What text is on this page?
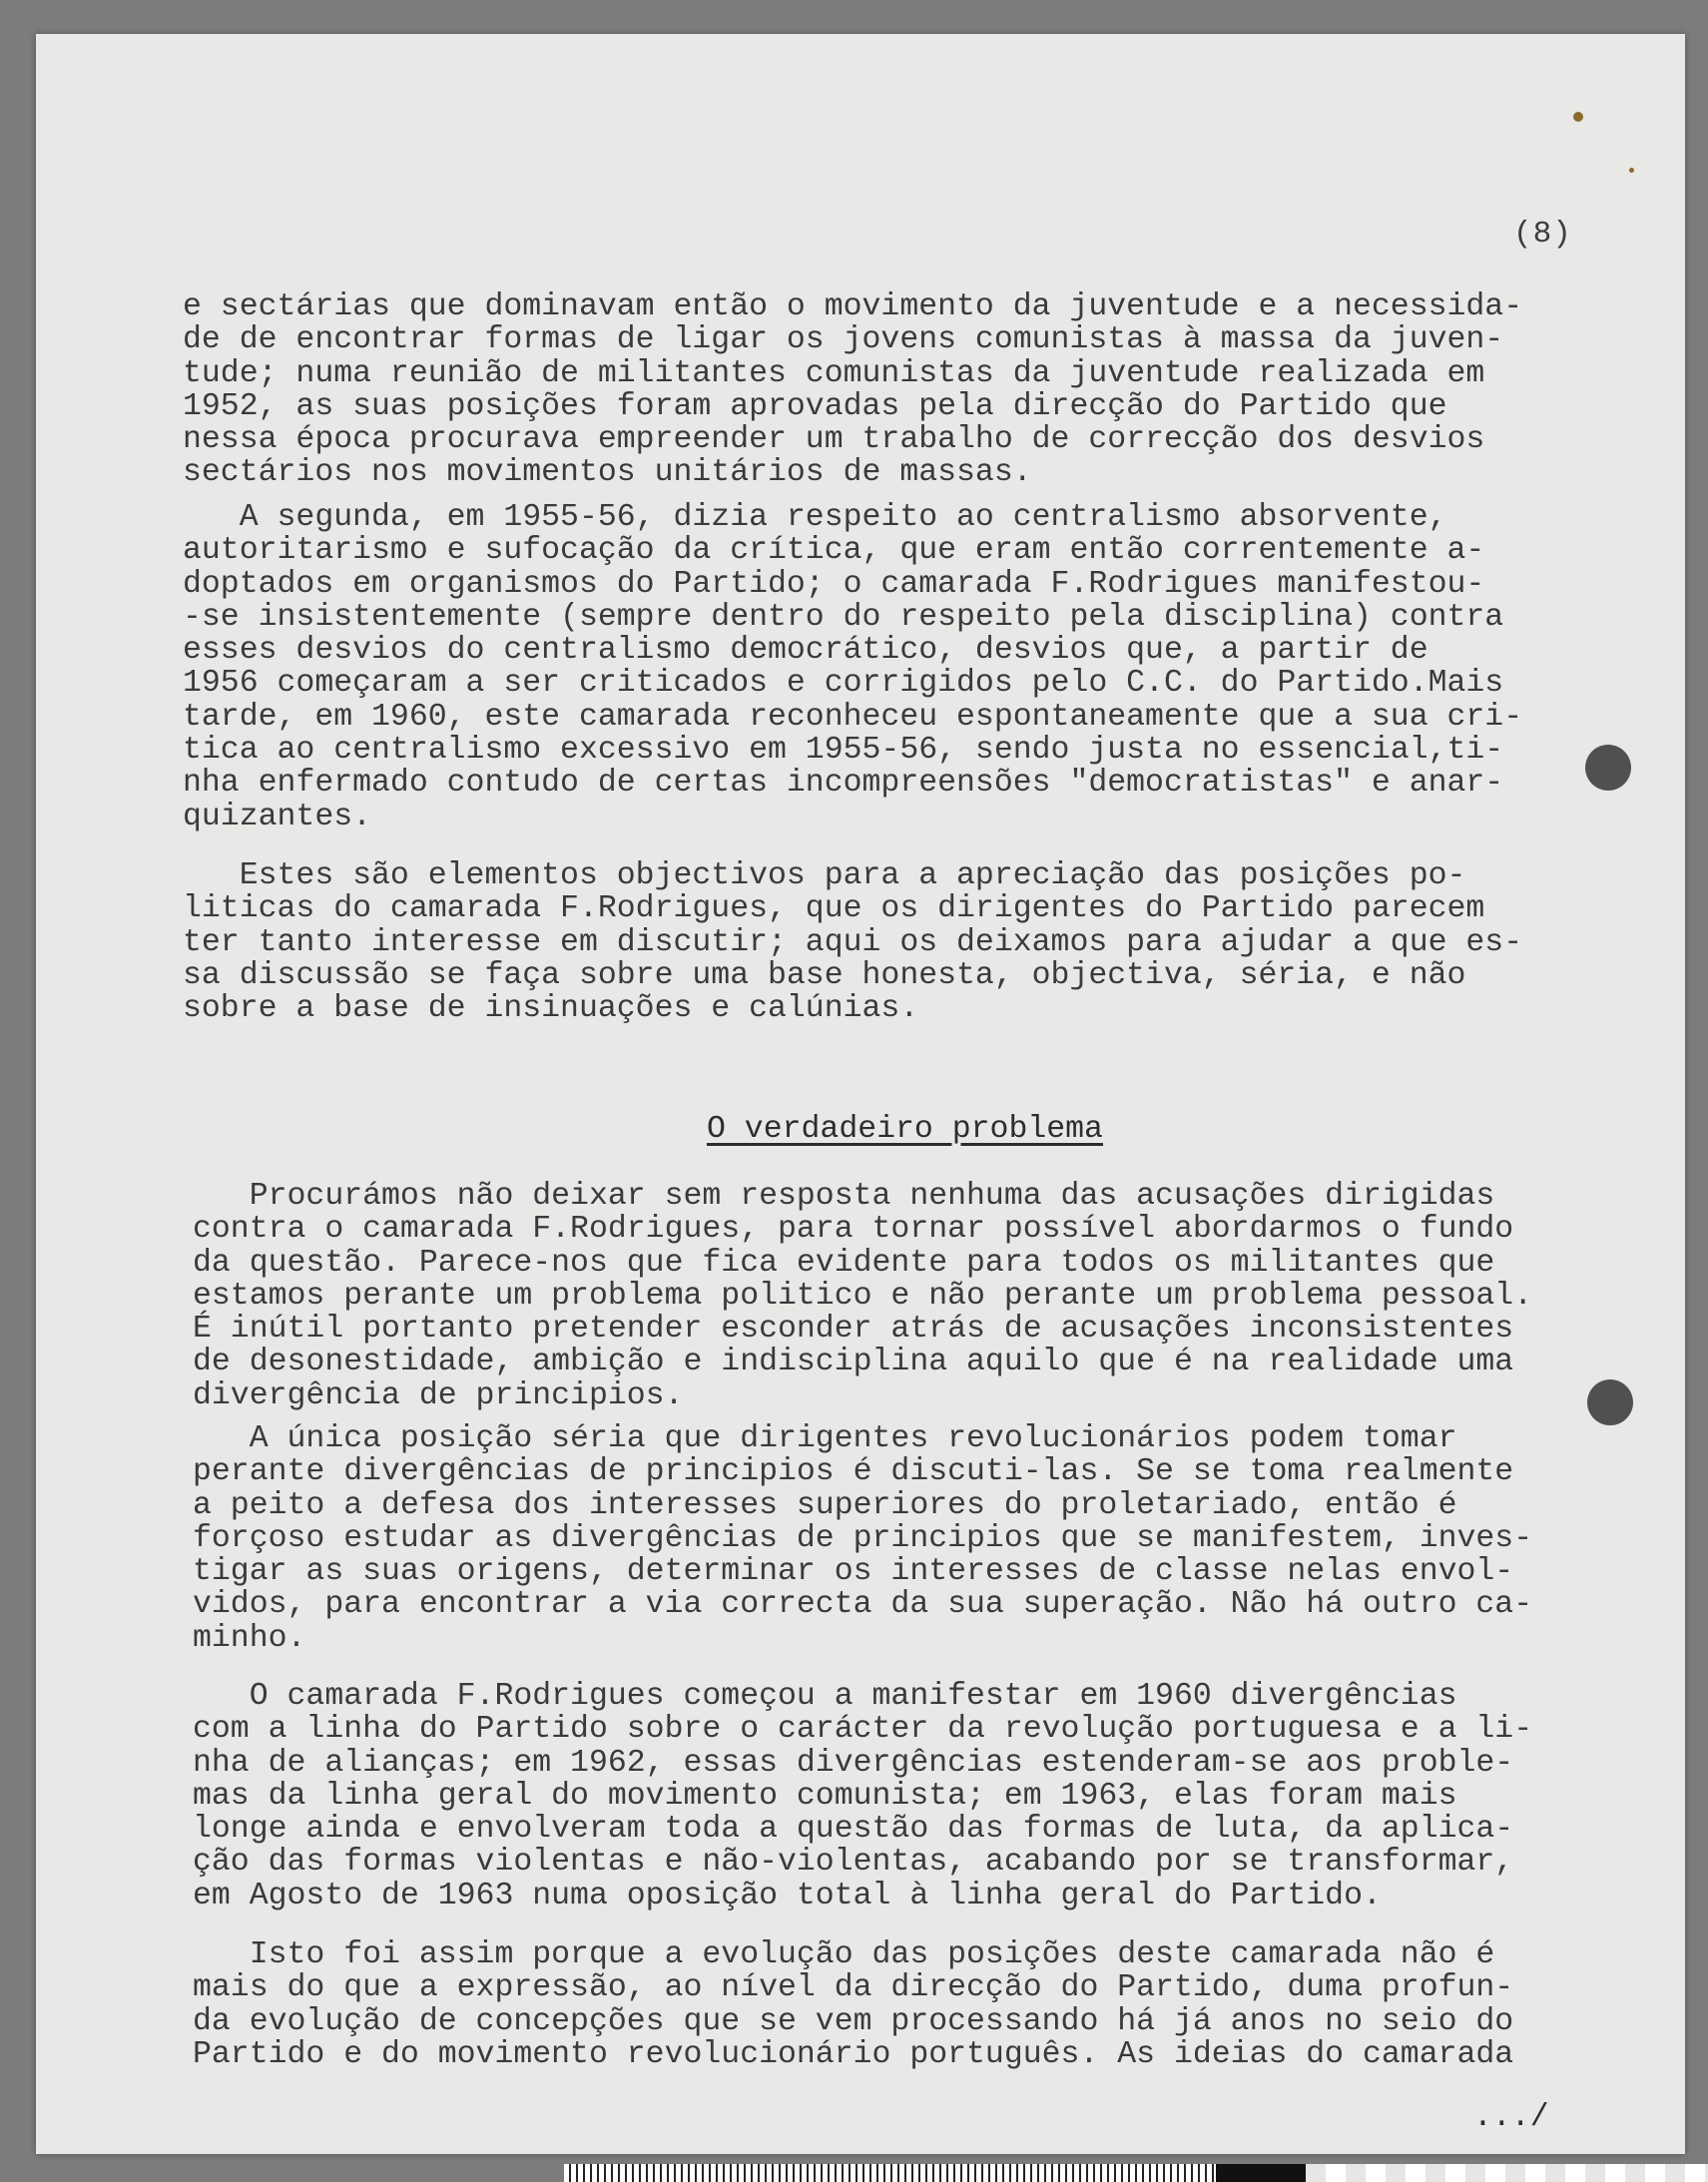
(8)
e sectárias que dominavam então o movimento da juventude e a necessida-
de de encontrar formas de ligar os jovens comunistas à massa da juven-
tude; numa reunião de militantes comunistas da juventude realizada em
1952, as suas posições foram aprovadas pela direcção do Partido que
nessa época procurava empreender um trabalho de correcção dos desvios
sectários nos movimentos unitários de massas.
A segunda, em 1955-56, dizia respeito ao centralismo absorvente,
autoritarismo e sufocação da crítica, que eram então correntemente a-
doptados em organismos do Partido; o camarada F.Rodrigues manifestou-
-se insistentemente (sempre dentro do respeito pela disciplina) contra
esses desvios do centralismo democrático, desvios que, a partir de
1956 começaram a ser criticados e corrigidos pelo C.C. do Partido.Mais
tarde, em 1960, este camarada reconheceu espontaneamente que a sua cri-
tica ao centralismo excessivo em 1955-56, sendo justa no essencial,ti-
nha enfermado contudo de certas incompreensões "democratistas" e anar-
quizantes.
Estes são elementos objectivos para a apreciação das posições po-
liticas do camarada F.Rodrigues, que os dirigentes do Partido parecem
ter tanto interesse em discutir; aqui os deixamos para ajudar a que es-
sa discussão se faça sobre uma base honesta, objectiva, séria, e não
sobre a base de insinuações e calúnias.
O verdadeiro problema
Procurámos não deixar sem resposta nenhuma das acusações dirigidas
contra o camarada F.Rodrigues, para tornar possível abordarmos o fundo
da questão. Parece-nos que fica evidente para todos os militantes que
estamos perante um problema politico e não perante um problema pessoal.
É inútil portanto pretender esconder atrás de acusações inconsistentes
de desonestidade, ambição e indisciplina aquilo que é na realidade uma
divergência de principios.
A única posição séria que dirigentes revolucionários podem tomar
perante divergências de principios é discuti-las. Se se toma realmente
a peito a defesa dos interesses superiores do proletariado, então é
forçoso estudar as divergências de principios que se manifestem, inves-
tigar as suas origens, determinar os interesses de classe nelas envol-
vidos, para encontrar a via correcta da sua superação. Não há outro ca-
minho.
O camarada F.Rodrigues começou a manifestar em 1960 divergências
com a linha do Partido sobre o carácter da revolução portuguesa e a li-
nha de alianças; em 1962, essas divergências estenderam-se aos proble-
mas da linha geral do movimento comunista; em 1963, elas foram mais
longe ainda e envolveram toda a questão das formas de luta, da aplica-
ção das formas violentas e não-violentas, acabando por se transformar,
em Agosto de 1963 numa oposição total à linha geral do Partido.
Isto foi assim porque a evolução das posições deste camarada não é
mais do que a expressão, ao nível da direcção do Partido, duma profun-
da evolução de concepções que se vem processando há já anos no seio do
Partido e do movimento revolucionário português. As ideias do camarada
.../
